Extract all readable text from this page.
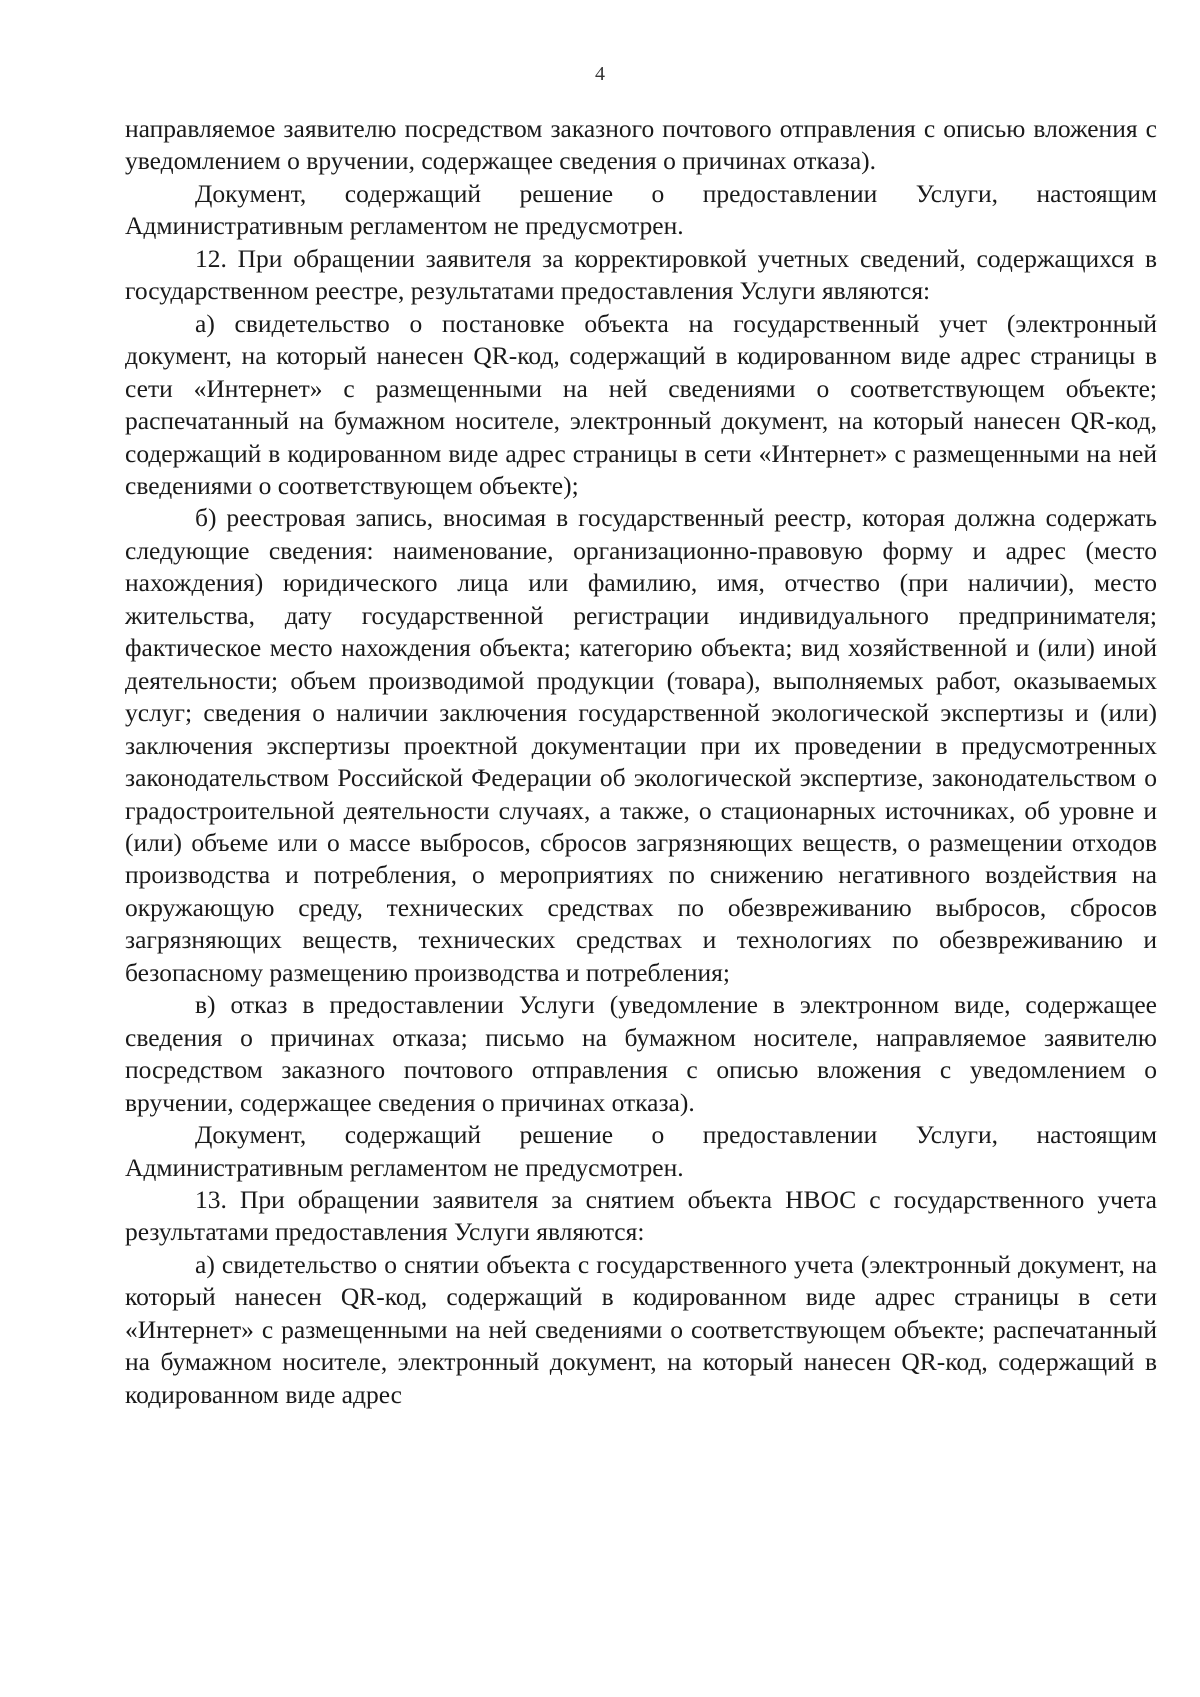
4

направляемое заявителю посредством заказного почтового отправления с описью вложения с уведомлением о вручении, содержащее сведения о причинах отказа).

Документ, содержащий решение о предоставлении Услуги, настоящим Административным регламентом не предусмотрен.

12. При обращении заявителя за корректировкой учетных сведений, содержащихся в государственном реестре, результатами предоставления Услуги являются:

а) свидетельство о постановке объекта на государственный учет (электронный документ, на который нанесен QR-код, содержащий в кодированном виде адрес страницы в сети «Интернет» с размещенными на ней сведениями о соответствующем объекте; распечатанный на бумажном носителе, электронный документ, на который нанесен QR-код, содержащий в кодированном виде адрес страницы в сети «Интернет» с размещенными на ней сведениями о соответствующем объекте);

б) реестровая запись, вносимая в государственный реестр, которая должна содержать следующие сведения: наименование, организационно-правовую форму и адрес (место нахождения) юридического лица или фамилию, имя, отчество (при наличии), место жительства, дату государственной регистрации индивидуального предпринимателя; фактическое место нахождения объекта; категорию объекта; вид хозяйственной и (или) иной деятельности; объем производимой продукции (товара), выполняемых работ, оказываемых услуг; сведения о наличии заключения государственной экологической экспертизы и (или) заключения экспертизы проектной документации при их проведении в предусмотренных законодательством Российской Федерации об экологической экспертизе, законодательством о градостроительной деятельности случаях, а также, о стационарных источниках, об уровне и (или) объеме или о массе выбросов, сбросов загрязняющих веществ, о размещении отходов производства и потребления, о мероприятиях по снижению негативного воздействия на окружающую среду, технических средствах по обезвреживанию выбросов, сбросов загрязняющих веществ, технических средствах и технологиях по обезвреживанию и безопасному размещению производства и потребления;

в) отказ в предоставлении Услуги (уведомление в электронном виде, содержащее сведения о причинах отказа; письмо на бумажном носителе, направляемое заявителю посредством заказного почтового отправления с описью вложения с уведомлением о вручении, содержащее сведения о причинах отказа).

Документ, содержащий решение о предоставлении Услуги, настоящим Административным регламентом не предусмотрен.

13. При обращении заявителя за снятием объекта НВОС с государственного учета результатами предоставления Услуги являются:

а) свидетельство о снятии объекта с государственного учета (электронный документ, на который нанесен QR-код, содержащий в кодированном виде адрес страницы в сети «Интернет» с размещенными на ней сведениями о соответствующем объекте; распечатанный на бумажном носителе, электронный документ, на который нанесен QR-код, содержащий в кодированном виде адрес
